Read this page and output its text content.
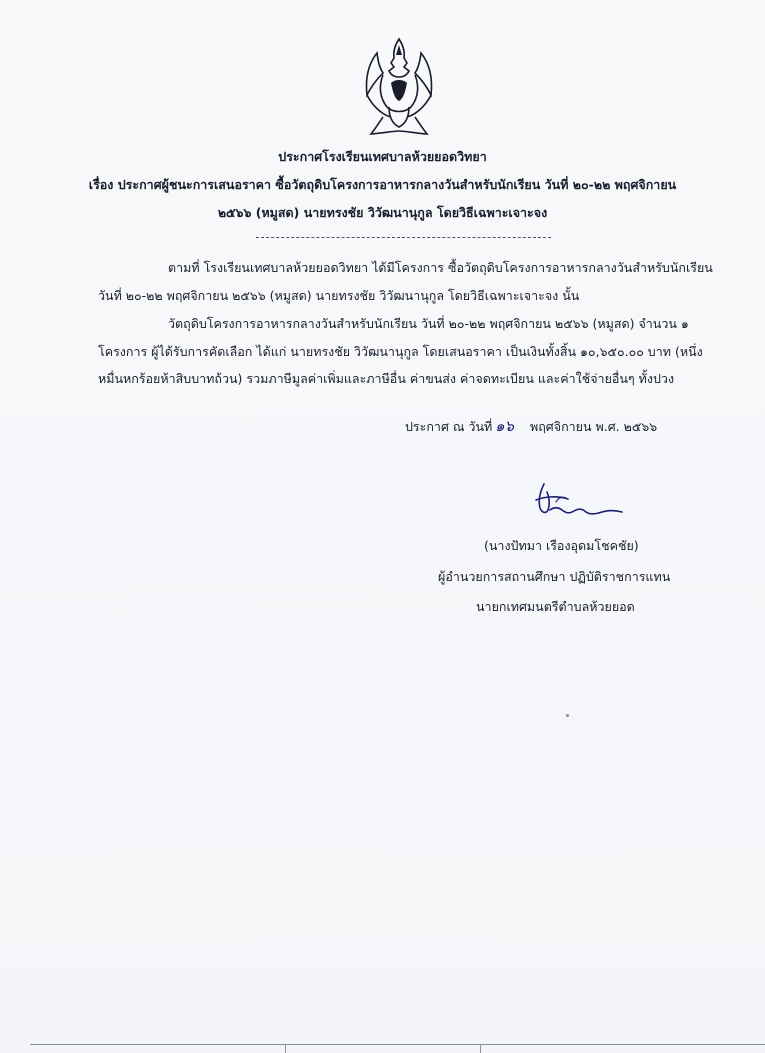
ประกาศโรงเรียนเทศบาลห้วยยอดวิทยา
เรื่อง ประกาศผู้ชนะการเสนอราคา ซื้อวัตถุดิบโครงการอาหารกลางวันสำหรับนักเรียน วันที่ ๒๐-๒๒ พฤศจิกายน
๒๕๖๖ (หมูสด) นายทรงชัย วิวัฒนานุกูล โดยวิธีเฉพาะเจาะจง
ตามที่ โรงเรียนเทศบาลห้วยยอดวิทยา ได้มีโครงการ ซื้อวัตถุดิบโครงการอาหารกลางวันสำหรับนักเรียน
วันที่ ๒๐-๒๒ พฤศจิกายน ๒๕๖๖ (หมูสด) นายทรงชัย วิวัฒนานุกูล โดยวิธีเฉพาะเจาะจง นั้น
วัตถุดิบโครงการอาหารกลางวันสำหรับนักเรียน วันที่ ๒๐-๒๒ พฤศจิกายน ๒๕๖๖ (หมูสด) จำนวน ๑
โครงการ ผู้ได้รับการคัดเลือก ได้แก่ นายทรงชัย วิวัฒนานุกูล โดยเสนอราคา เป็นเงินทั้งสิ้น ๑๐,๖๕๐.๐๐ บาท (หนึ่ง
หมื่นหกร้อยห้าสิบบาทถ้วน) รวมภาษีมูลค่าเพิ่มและภาษีอื่น ค่าขนส่ง ค่าจดทะเบียน และค่าใช้จ่ายอื่นๆ ทั้งปวง
ประกาศ ณ วันที่ ๑๖ พฤศจิกายน พ.ศ. ๒๕๖๖
(นางปัทมา เรืองอุดมโชคชัย)
ผู้อำนวยการสถานศึกษา ปฏิบัติราชการแทน
นายกเทศมนตรีตำบลห้วยยอด
